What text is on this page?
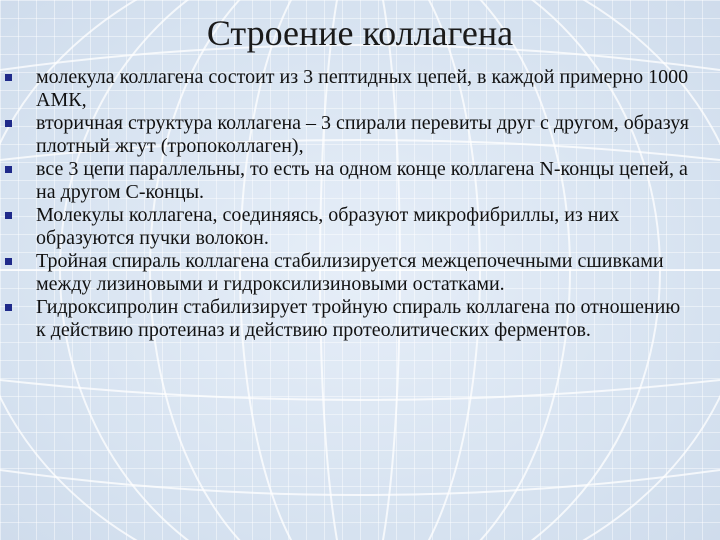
Строение коллагена
молекула коллагена состоит из 3 пептидных цепей, в каждой примерно 1000 АМК,
вторичная структура коллагена – 3 спирали перевиты друг с другом, образуя плотный жгут (тропоколлаген),
все 3 цепи параллельны, то есть на одном конце коллагена N-концы цепей, а на другом С-концы.
Молекулы коллагена, соединяясь, образуют микрофибриллы, из них образуются пучки волокон.
Тройная спираль коллагена стабилизируется межцепочечными сшивками между лизиновыми и гидроксилизиновыми остатками.
Гидроксипролин стабилизирует тройную спираль коллагена по отношению к действию протеиназ и действию протеолитических ферментов.
